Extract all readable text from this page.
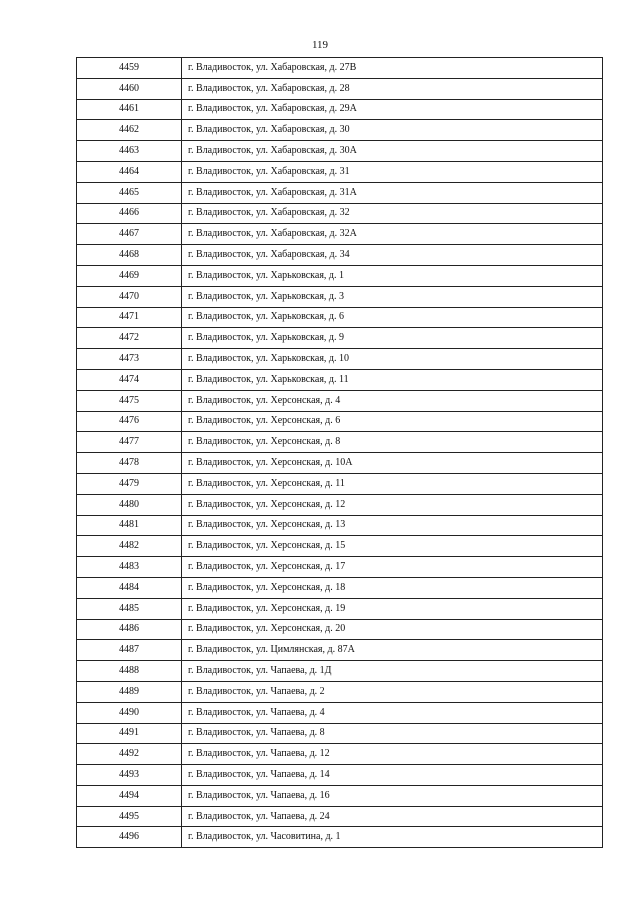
119
4459	г. Владивосток, ул. Хабаровская, д. 27В
4460	г. Владивосток, ул. Хабаровская, д. 28
4461	г. Владивосток, ул. Хабаровская, д. 29А
4462	г. Владивосток, ул. Хабаровская, д. 30
4463	г. Владивосток, ул. Хабаровская, д. 30А
4464	г. Владивосток, ул. Хабаровская, д. 31
4465	г. Владивосток, ул. Хабаровская, д. 31А
4466	г. Владивосток, ул. Хабаровская, д. 32
4467	г. Владивосток, ул. Хабаровская, д. 32А
4468	г. Владивосток, ул. Хабаровская, д. 34
4469	г. Владивосток, ул. Харьковская, д. 1
4470	г. Владивосток, ул. Харьковская, д. 3
4471	г. Владивосток, ул. Харьковская, д. 6
4472	г. Владивосток, ул. Харьковская, д. 9
4473	г. Владивосток, ул. Харьковская, д. 10
4474	г. Владивосток, ул. Харьковская, д. 11
4475	г. Владивосток, ул. Херсонская, д. 4
4476	г. Владивосток, ул. Херсонская, д. 6
4477	г. Владивосток, ул. Херсонская, д. 8
4478	г. Владивосток, ул. Херсонская, д. 10А
4479	г. Владивосток, ул. Херсонская, д. 11
4480	г. Владивосток, ул. Херсонская, д. 12
4481	г. Владивосток, ул. Херсонская, д. 13
4482	г. Владивосток, ул. Херсонская, д. 15
4483	г. Владивосток, ул. Херсонская, д. 17
4484	г. Владивосток, ул. Херсонская, д. 18
4485	г. Владивосток, ул. Херсонская, д. 19
4486	г. Владивосток, ул. Херсонская, д. 20
4487	г. Владивосток, ул. Цимлянская, д. 87А
4488	г. Владивосток, ул. Чапаева, д. 1Д
4489	г. Владивосток, ул. Чапаева, д. 2
4490	г. Владивосток, ул. Чапаева, д. 4
4491	г. Владивосток, ул. Чапаева, д. 8
4492	г. Владивосток, ул. Чапаева, д. 12
4493	г. Владивосток, ул. Чапаева, д. 14
4494	г. Владивосток, ул. Чапаева, д. 16
4495	г. Владивосток, ул. Чапаева, д. 24
4496	г. Владивосток, ул. Часовитина, д. 1
